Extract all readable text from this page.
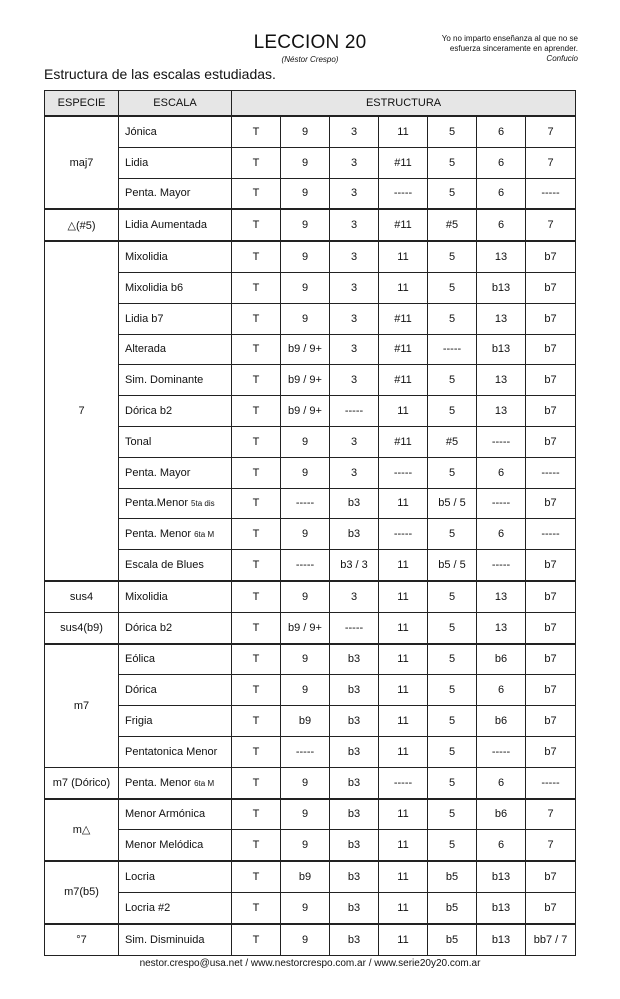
LECCION 20
(Néstor Crespo)
Yo no imparto enseñanza al que no se esfuerza sinceramente en aprender. Confucio
Estructura de las escalas estudiadas.
ESPECIE	ESCALA	ESTRUCTURA						
maj7	Jónica	T	9	3	11	5	6	7
	Lidia	T	9	3	#11	5	6	7
	Penta. Mayor	T	9	3	-----	5	6	-----
△(#5)	Lidia Aumentada	T	9	3	#11	#5	6	7
7	Mixolidia	T	9	3	11	5	13	b7
	Mixolidia b6	T	9	3	11	5	b13	b7
	Lidia b7	T	9	3	#11	5	13	b7
	Alterada	T	b9 / 9+	3	#11	-----	b13	b7
	Sim. Dominante	T	b9 / 9+	3	#11	5	13	b7
	Dórica b2	T	b9 / 9+	-----	11	5	13	b7
	Tonal	T	9	3	#11	#5	-----	b7
	Penta. Mayor	T	9	3	-----	5	6	-----
	Penta.Menor 5ta dis	T	-----	b3	11	b5 / 5	-----	b7
	Penta. Menor 6ta M	T	9	b3	-----	5	6	-----
	Escala de Blues	T	-----	b3 / 3	11	b5 / 5	-----	b7
sus4	Mixolidia	T	9	3	11	5	13	b7
sus4(b9)	Dórica b2	T	b9 / 9+	-----	11	5	13	b7
m7	Eólica	T	9	b3	11	5	b6	b7
	Dórica	T	9	b3	11	5	6	b7
	Frigia	T	b9	b3	11	5	b6	b7
	Pentatonica Menor	T	-----	b3	11	5	-----	b7
m7 (Dórico)	Penta. Menor 6ta M	T	9	b3	-----	5	6	-----
m△	Menor Armónica	T	9	b3	11	5	b6	7
	Menor Melódica	T	9	b3	11	5	6	7
m7(b5)	Locria	T	b9	b3	11	b5	b13	b7
	Locria #2	T	9	b3	11	b5	b13	b7
°7	Sim. Disminuida	T	9	b3	11	b5	b13	bb7 / 7
nestor.crespo@usa.net / www.nestorcrespo.com.ar / www.serie20y20.com.ar
